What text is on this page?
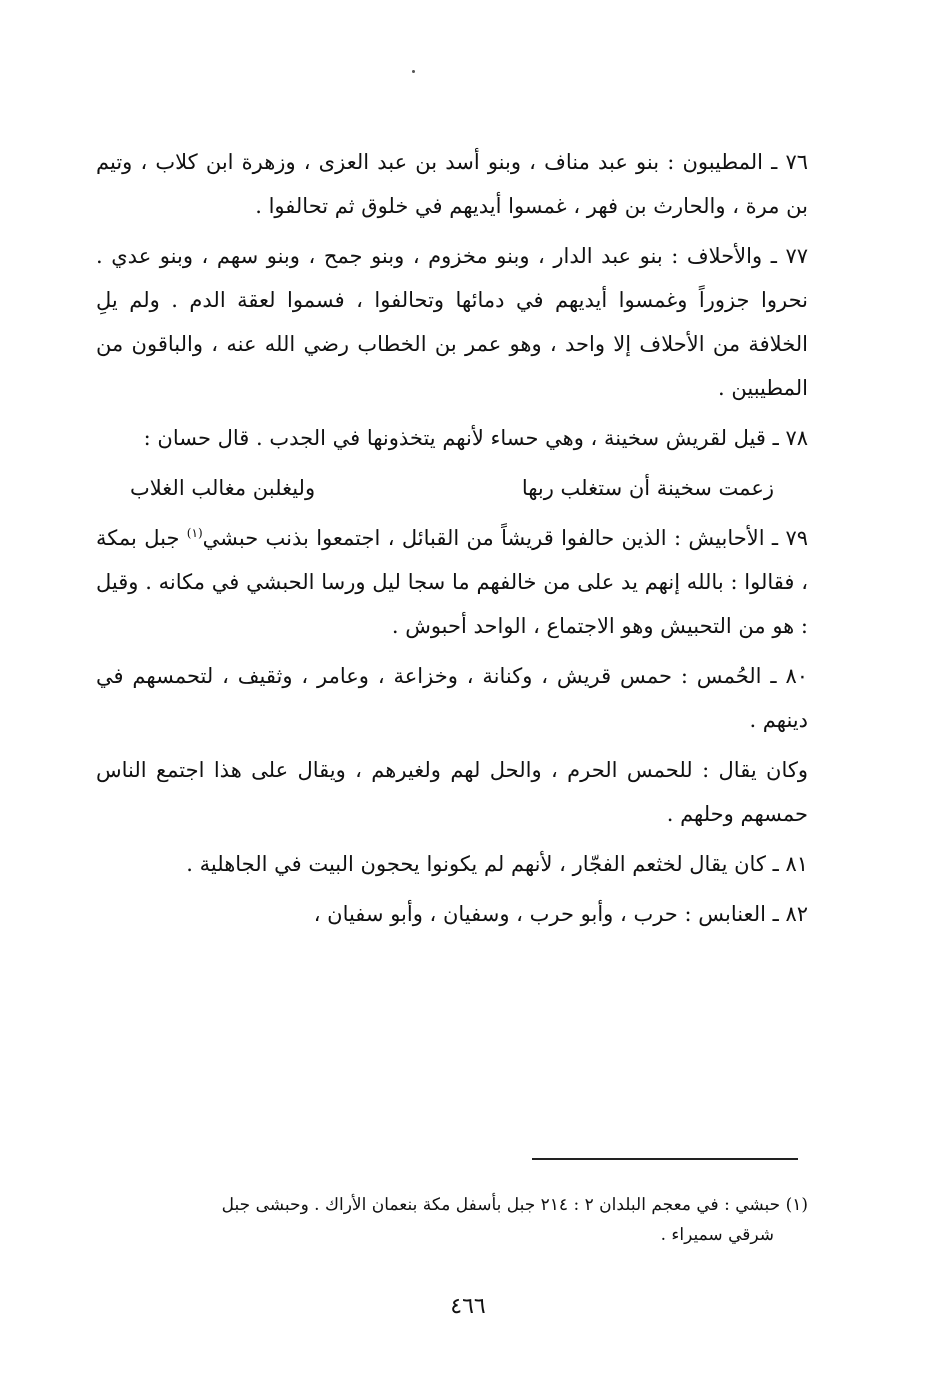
٧٦ ـ المطيبون : بنو عبد مناف ، وبنو أسد بن عبد العزى ، وزهرة ابن كلاب ، وتيم بن مرة ، والحارث بن فهر ، غمسوا أيديهم في خلوق ثم تحالفوا .

٧٧ ـ والأحلاف : بنو عبد الدار ، وبنو مخزوم ، وبنو جمح ، وبنو سهم ، وبنو عدي . نحروا جزوراً وغمسوا أيديهم في دمائها وتحالفوا ، فسموا لعقة الدم . ولم يلِ الخلافة من الأحلاف إلا واحد ، وهو عمر بن الخطاب رضي الله عنه ، والباقون من المطيبين .

٧٨ ـ قيل لقريش سخينة ، وهي حساء لأنهم يتخذونها في الجدب . قال حسان :

زعمت سخينة أن ستغلب ربها
وليغلبن مغالب الغلاب

٧٩ ـ الأحابيش : الذين حالفوا قريشاً من القبائل ، اجتمعوا بذنب حبشي$^{(١)}$ جبل بمكة ، فقالوا : بالله إنهم يد على من خالفهم ما سجا ليل ورسا الحبشي في مكانه . وقيل : هو من التحبيش وهو الاجتماع ، الواحد أحبوش .

٨٠ ـ الحُمس : حمس قريش ، وكنانة ، وخزاعة ، وعامر ، وثقيف ، لتحمسهم في دينهم .

وكان يقال : للحمس الحرم ، والحل لهم ولغيرهم ، ويقال على هذا اجتمع الناس حمسهم وحلهم .

٨١ ـ كان يقال لخثعم الفجّار ، لأنهم لم يكونوا يحجون البيت في الجاهلية .

٨٢ ـ العنابس : حرب ، وأبو حرب ، وسفيان ، وأبو سفيان ،

(١) حبشي : في معجم البلدان ٢ : ٢١٤ جبل بأسفل مكة بنعمان الأراك . وحبشى جبل
شرقي سميراء .
٤٦٦
